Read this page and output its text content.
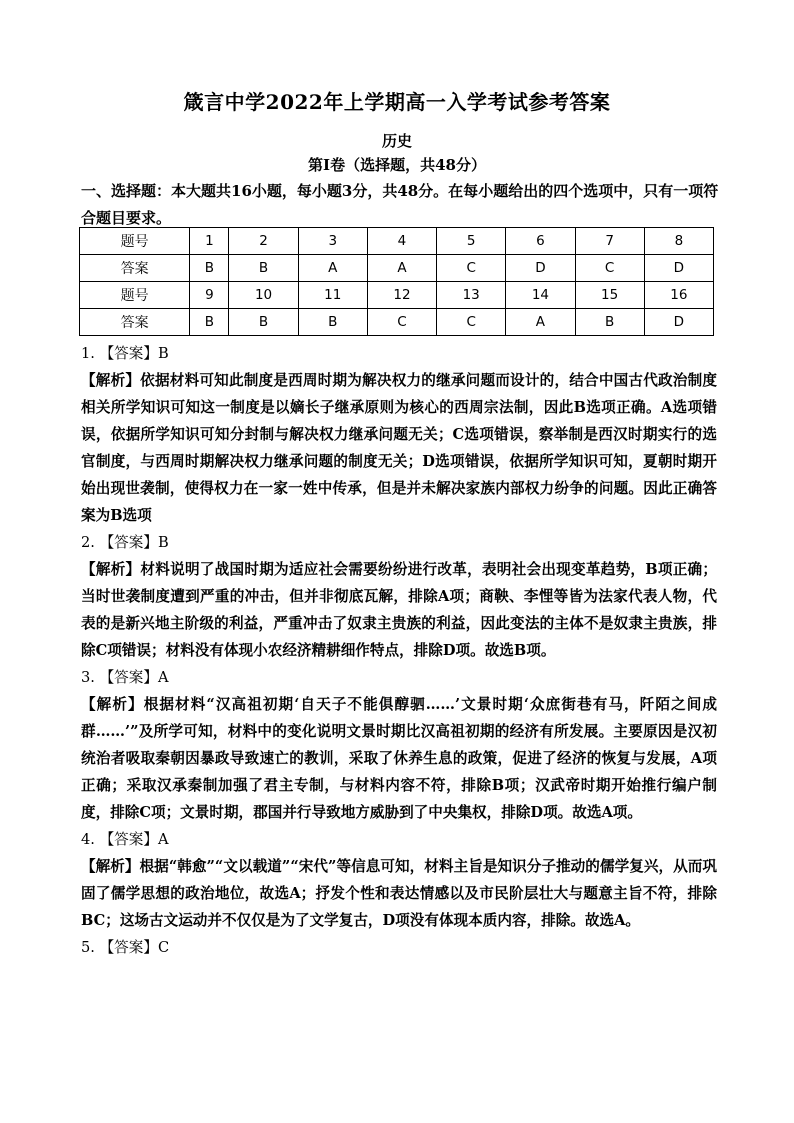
箴言中学2022年上学期高一入学考试参考答案
历史
第Ⅰ卷（选择题，共48分）
一、选择题：本大题共16小题，每小题3分，共48分。在每小题给出的四个选项中，只有一项符合题目要求。
题号	1	2	3	4	5	6	7	8
答案	B	B	A	A	C	D	C	D
题号	9	10	11	12	13	14	15	16
答案	B	B	B	C	C	A	B	D

1. 【答案】B

【解析】依据材料可知此制度是西周时期为解决权力的继承问题而设计的，结合中国古代政治制度相关所学知识可知这一制度是以嫡长子继承原则为核心的西周宗法制，因此B选项正确。A选项错误，依据所学知识可知分封制与解决权力继承问题无关；C选项错误，察举制是西汉时期实行的选官制度，与西周时期解决权力继承问题的制度无关；D选项错误，依据所学知识可知，夏朝时期开始出现世袭制，使得权力在一家一姓中传承，但是并未解决家族内部权力纷争的问题。因此正确答案为B选项

2. 【答案】B

【解析】材料说明了战国时期为适应社会需要纷纷进行改革，表明社会出现变革趋势，B项正确；当时世袭制度遭到严重的冲击，但并非彻底瓦解，排除A项；商鞅、李悝等皆为法家代表人物，代表的是新兴地主阶级的利益，严重冲击了奴隶主贵族的利益，因此变法的主体不是奴隶主贵族，排除C项错误；材料没有体现小农经济精耕细作特点，排除D项。故选B项。

3. 【答案】A

【解析】根据材料“汉高祖初期‘自天子不能俱醇驷……’文景时期‘众庶街巷有马，阡陌之间成群……’”及所学可知，材料中的变化说明文景时期比汉高祖初期的经济有所发展。主要原因是汉初统治者吸取秦朝因暴政导致速亡的教训，采取了休养生息的政策，促进了经济的恢复与发展，A项正确；采取汉承秦制加强了君主专制，与材料内容不符，排除B项；汉武帝时期开始推行编户制度，排除C项；文景时期，郡国并行导致地方威胁到了中央集权，排除D项。故选A项。

4. 【答案】A

【解析】根据“韩愈”“文以载道”“宋代”等信息可知，材料主旨是知识分子推动的儒学复兴，从而巩固了儒学思想的政治地位，故选A；抒发个性和表达情感以及市民阶层壮大与题意主旨不符，排除BC；这场古文运动并不仅仅是为了文学复古，D项没有体现本质内容，排除。故选A。

5. 【答案】C
